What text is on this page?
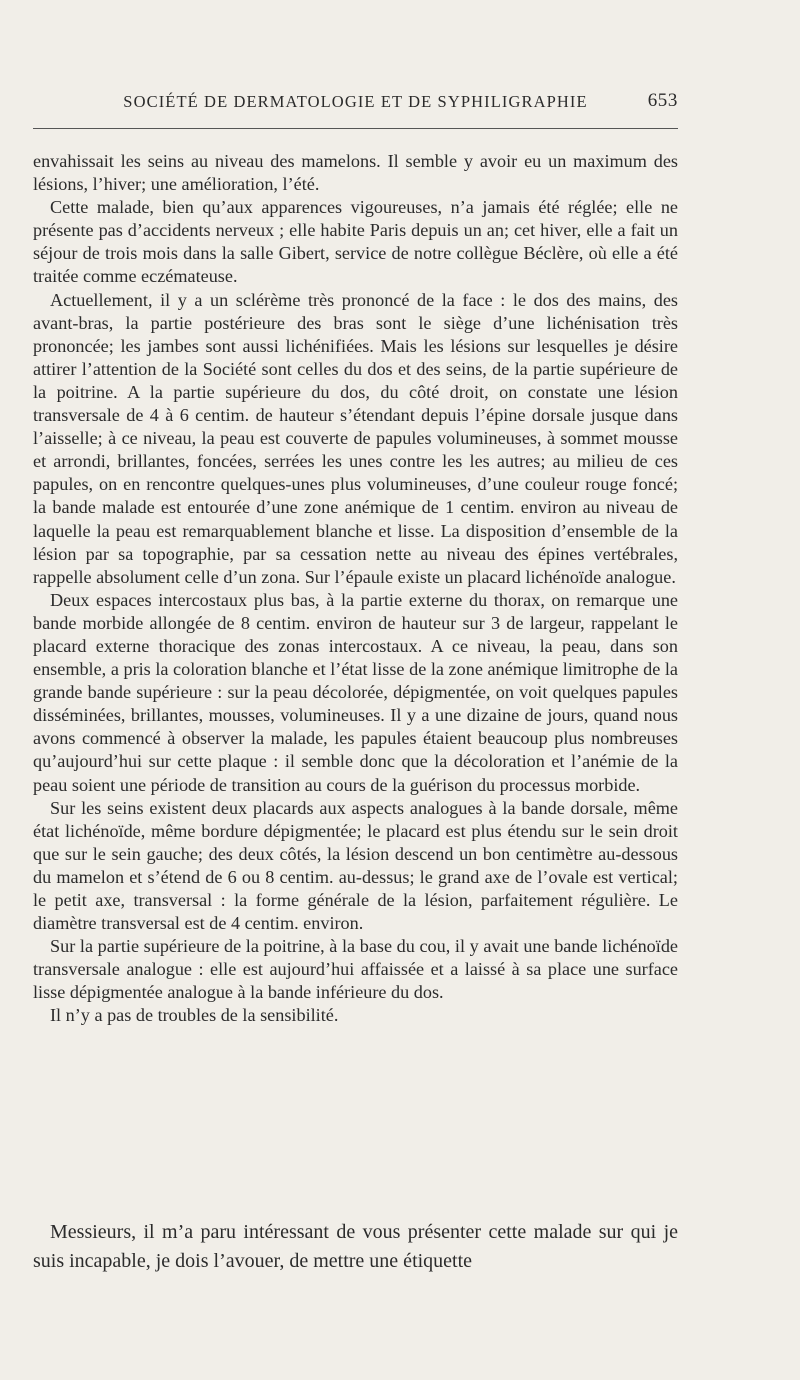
SOCIÉTÉ DE DERMATOLOGIE ET DE SYPHILIGRAPHIE	653

envahissait les seins au niveau des mamelons. Il semble y avoir eu un maximum des lésions, l’hiver; une amélioration, l’été.

Cette malade, bien qu’aux apparences vigoureuses, n’a jamais été réglée; elle ne présente pas d’accidents nerveux ; elle habite Paris depuis un an; cet hiver, elle a fait un séjour de trois mois dans la salle Gibert, service de notre collègue Béclère, où elle a été traitée comme eczémateuse.

Actuellement, il y a un sclérème très prononcé de la face : le dos des mains, des avant-bras, la partie postérieure des bras sont le siège d’une lichénisation très prononcée; les jambes sont aussi lichénifiées. Mais les lésions sur lesquelles je désire attirer l’attention de la Société sont celles du dos et des seins, de la partie supérieure de la poitrine. A la partie supérieure du dos, du côté droit, on constate une lésion transversale de 4 à 6 centim. de hauteur s’étendant depuis l’épine dorsale jusque dans l’aisselle; à ce niveau, la peau est couverte de papules volumineuses, à sommet mousse et arrondi, brillantes, foncées, serrées les unes contre les les autres; au milieu de ces papules, on en rencontre quelques-unes plus volumineuses, d’une couleur rouge foncé; la bande malade est entourée d’une zone anémique de 1 centim. environ au niveau de laquelle la peau est remarquablement blanche et lisse. La disposition d’ensemble de la lésion par sa topographie, par sa cessation nette au niveau des épines vertébrales, rappelle absolument celle d’un zona. Sur l’épaule existe un placard lichénoïde analogue.

Deux espaces intercostaux plus bas, à la partie externe du thorax, on remarque une bande morbide allongée de 8 centim. environ de hauteur sur 3 de largeur, rappelant le placard externe thoracique des zonas intercostaux. A ce niveau, la peau, dans son ensemble, a pris la coloration blanche et l’état lisse de la zone anémique limitrophe de la grande bande supérieure : sur la peau décolorée, dépigmentée, on voit quelques papules disséminées, brillantes, mousses, volumineuses. Il y a une dizaine de jours, quand nous avons commencé à observer la malade, les papules étaient beaucoup plus nombreuses qu’aujourd’hui sur cette plaque : il semble donc que la décoloration et l’anémie de la peau soient une période de transition au cours de la guérison du processus morbide.

Sur les seins existent deux placards aux aspects analogues à la bande dorsale, même état lichénoïde, même bordure dépigmentée; le placard est plus étendu sur le sein droit que sur le sein gauche; des deux côtés, la lésion descend un bon centimètre au-dessous du mamelon et s’étend de 6 ou 8 centim. au-dessus; le grand axe de l’ovale est vertical; le petit axe, transversal : la forme générale de la lésion, parfaitement régulière. Le diamètre transversal est de 4 centim. environ.

Sur la partie supérieure de la poitrine, à la base du cou, il y avait une bande lichénoïde transversale analogue : elle est aujourd’hui affaissée et a laissé à sa place une surface lisse dépigmentée analogue à la bande inférieure du dos.

Il n’y a pas de troubles de la sensibilité.

Messieurs, il m’a paru intéressant de vous présenter cette malade sur qui je suis incapable, je dois l’avouer, de mettre une étiquette
